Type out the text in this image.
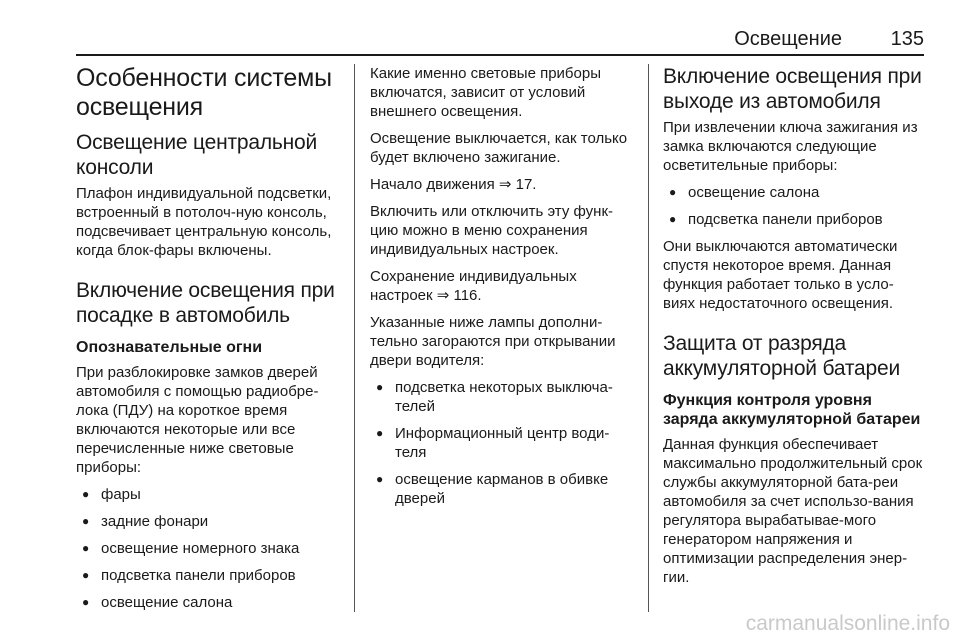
Освещение 135
Особенности системы освещения
Освещение центральной консоли

Плафон индивидуальной подсветки, встроенный в потолоч-ную консоль, подсвечивает центральную консоль, когда блок-фары включены.

Включение освещения при посадке в автомобиль
Опознавательные огни

При разблокировке замков дверей автомобиля с помощью радиобре-лока (ПДУ) на короткое время включаются некоторые или все перечисленные ниже световые приборы:

● фары
● задние фонари
● освещение номерного знака
● подсветка панели приборов
● освещение салона

Какие именно световые приборы включатся, зависит от условий внешнего освещения.

Освещение выключается, как только будет включено зажигание.

Начало движения ⇒ 17.

Включить или отключить эту функ-цию можно в меню сохранения индивидуальных настроек.

Сохранение индивидуальных настроек ⇒ 116.

Указанные ниже лампы дополни-тельно загораются при открывании двери водителя:

● подсветка некоторых выключа-телей
● Информационный центр води-теля
● освещение карманов в обивке дверей
Включение освещения при выходе из автомобиля

При извлечении ключа зажигания из замка включаются следующие осветительные приборы:

● освещение салона
● подсветка панели приборов

Они выключаются автоматически спустя некоторое время. Данная функция работает только в усло-виях недостаточного освещения.

Защита от разряда аккумуляторной батареи
Функция контроля уровня заряда аккумуляторной батареи

Данная функция обеспечивает максимально продолжительный срок службы аккумуляторной бата-реи автомобиля за счет использо-вания регулятора вырабатывае-мого генератором напряжения и оптимизации распределения энер-гии.

carmanualsonline.info
